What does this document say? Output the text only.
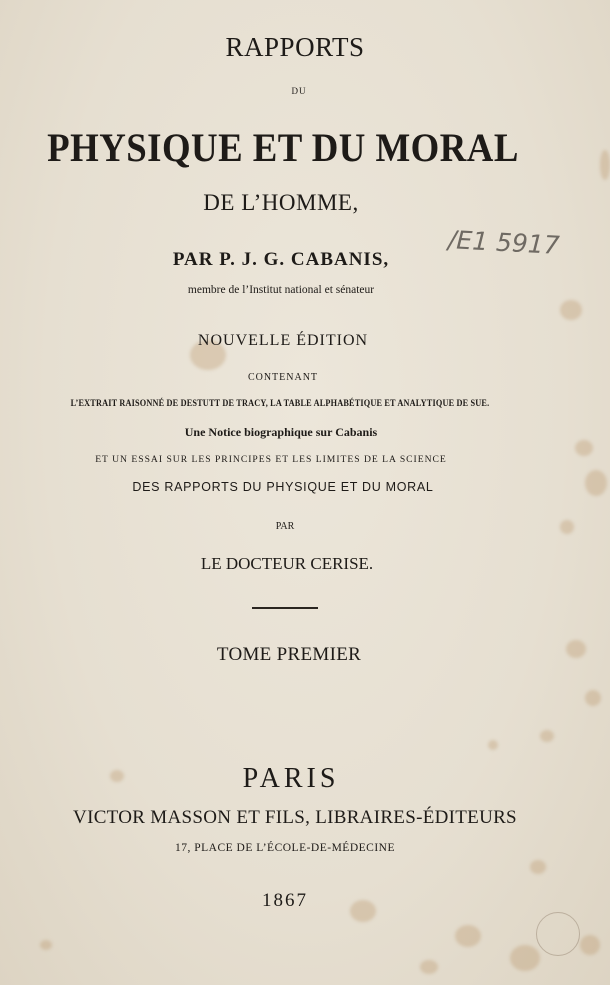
RAPPORTS
DU
PHYSIQUE ET DU MORAL
DE L’HOMME,
PAR P. J. G. CABANIS,
membre de l’Institut national et sénateur
NOUVELLE ÉDITION
CONTENANT
L’EXTRAIT RAISONNÉ DE DESTUTT DE TRACY, LA TABLE ALPHABÉTIQUE ET ANALYTIQUE DE SUE.
Une Notice biographique sur Cabanis
ET UN ESSAI SUR LES PRINCIPES ET LES LIMITES DE LA SCIENCE
DES RAPPORTS DU PHYSIQUE ET DU MORAL
PAR
LE DOCTEUR CERISE.
TOME PREMIER
PARIS
VICTOR MASSON ET FILS, LIBRAIRES-ÉDITEURS
17, PLACE DE L’ÉCOLE-DE-MÉDECINE
1867
/E1 5917
